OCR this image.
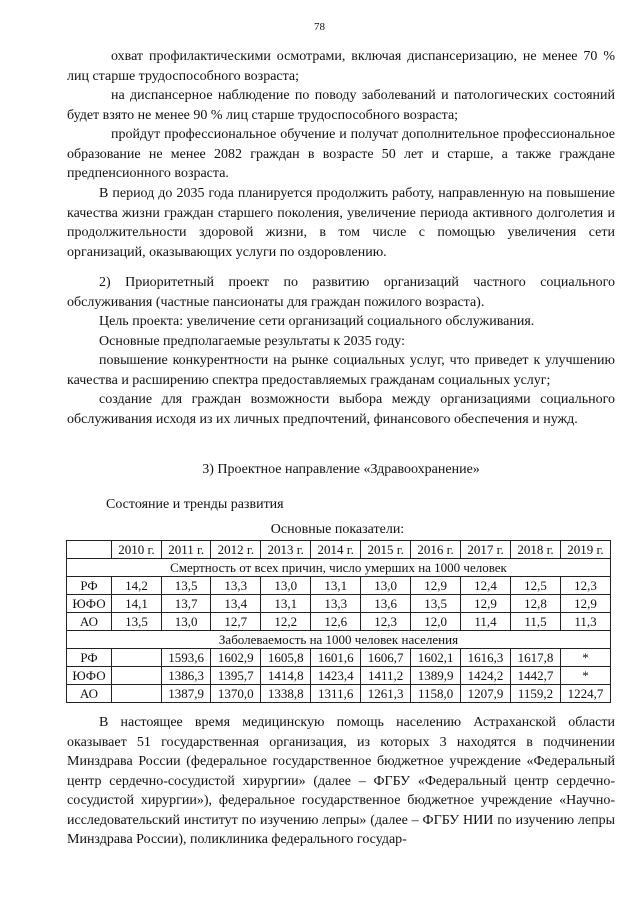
78
охват профилактическими осмотрами, включая диспансеризацию, не менее 70 % лиц старше трудоспособного возраста;
на диспансерное наблюдение по поводу заболеваний и патологических состояний будет взято не менее 90 % лиц старше трудоспособного возраста;
пройдут профессиональное обучение и получат дополнительное профессиональное образование не менее 2082 граждан в возрасте 50 лет и старше, а также граждане предпенсионного возраста.
В период до 2035 года планируется продолжить работу, направленную на повышение качества жизни граждан старшего поколения, увеличение периода активного долголетия и продолжительности здоровой жизни, в том числе с помощью увеличения сети организаций, оказывающих услуги по оздоровлению.
2) Приоритетный проект по развитию организаций частного социального обслуживания (частные пансионаты для граждан пожилого возраста).
Цель проекта: увеличение сети организаций социального обслуживания.
Основные предполагаемые результаты к 2035 году:
повышение конкурентности на рынке социальных услуг, что приведет к улучшению качества и расширению спектра предоставляемых гражданам социальных услуг;
создание для граждан возможности выбора между организациями социального обслуживания исходя из их личных предпочтений, финансового обеспечения и нужд.
3) Проектное направление «Здравоохранение»
Состояние и тренды развития
Основные показатели:
	2010 г.	2011 г.	2012 г.	2013 г.	2014 г.	2015 г.	2016 г.	2017 г.	2018 г.	2019 г.
Смертность от всех причин, число умерших на 1000 человек										
РФ	14,2	13,5	13,3	13,0	13,1	13,0	12,9	12,4	12,5	12,3
ЮФО	14,1	13,7	13,4	13,1	13,3	13,6	13,5	12,9	12,8	12,9
АО	13,5	13,0	12,7	12,2	12,6	12,3	12,0	11,4	11,5	11,3
Заболеваемость на 1000 человек населения										
РФ		1593,6	1602,9	1605,8	1601,6	1606,7	1602,1	1616,3	1617,8	*
ЮФО		1386,3	1395,7	1414,8	1423,4	1411,2	1389,9	1424,2	1442,7	*
АО		1387,9	1370,0	1338,8	1311,6	1261,3	1158,0	1207,9	1159,2	1224,7
В настоящее время медицинскую помощь населению Астраханской области оказывает 51 государственная организация, из которых 3 находятся в подчинении Минздрава России (федеральное государственное бюджетное учреждение «Федеральный центр сердечно-сосудистой хирургии» (далее – ФГБУ «Федеральный центр сердечно-сосудистой хирургии»), федеральное государственное бюджетное учреждение «Научно-исследовательский институт по изучению лепры» (далее – ФГБУ НИИ по изучению лепры Минздрава России), поликлиника федерального государ-
